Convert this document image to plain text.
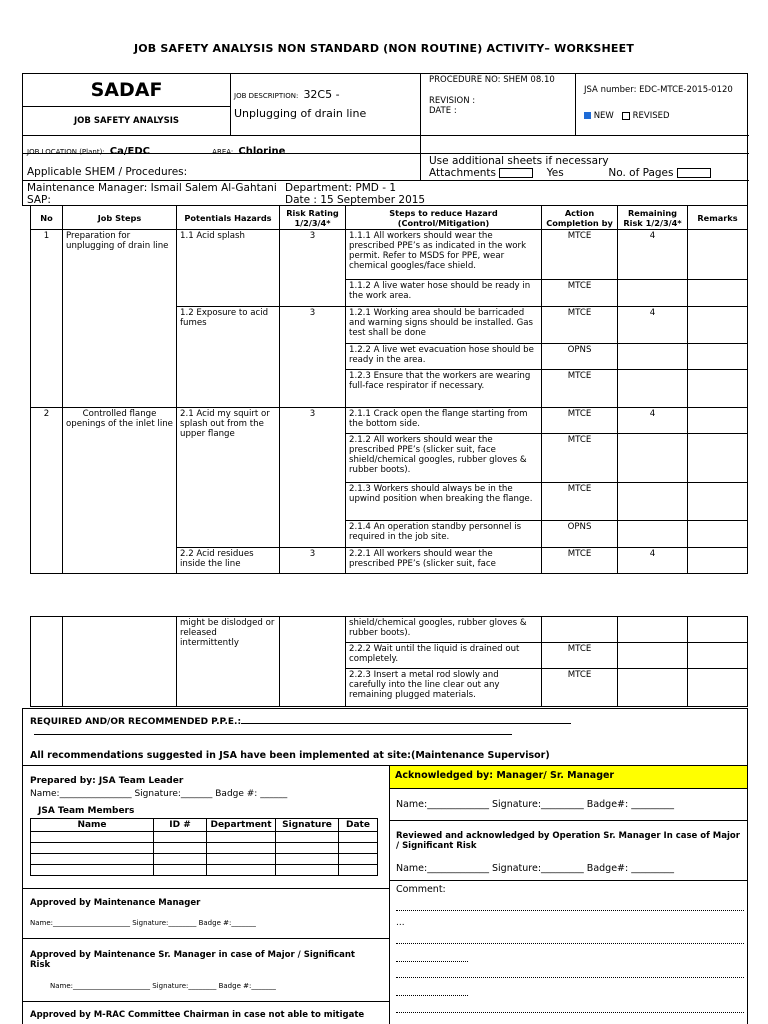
JOB SAFETY ANALYSIS NON STANDARD (NON ROUTINE) ACTIVITY– WORKSHEET
SADAF
JOB SAFETY ANALYSIS
JOB DESCRIPTION: 32C5 -
Unplugging of drain line
PROCEDURE NO: SHEM 08.10
REVISION :
DATE :
JSA number: EDC-MTCE-2015-0120
NEW REVISED
JOB LOCATION (Plant): Ca/EDC	AREA: Chlorine
Applicable SHEM / Procedures:
Use additional sheets if necessary
Attachments	Yes	No. of Pages
Maintenance Manager: Ismail Salem Al-Gahtani
SAP:
Department: PMD - 1
Date : 15 September 2015
No	Job Steps	Potentials Hazards	Risk Rating 1/2/3/4*	Steps to reduce Hazard (Control/Mitigation)	Action Completion by	Remaining Risk 1/2/3/4*	Remarks
1	Preparation for unplugging of drain line	1.1 Acid splash	3	1.1.1 All workers should wear the prescribed PPE’s as indicated in the work permit. Refer to MSDS for PPE, wear chemical googles/face shield.	MTCE	4	
				1.1.2 A live water hose should be ready in the work area.	MTCE		
		1.2 Exposure to acid fumes	3	1.2.1 Working area should be barricaded and warning signs should be installed. Gas test shall be done	MTCE	4	
				1.2.2 A live wet evacuation hose should be ready in the area.	OPNS		
				1.2.3 Ensure that the workers are wearing full-face respirator if necessary.	MTCE		
2	Controlled flange openings of the inlet line	2.1 Acid my squirt or splash out from the upper flange	3	2.1.1 Crack open the flange starting from the bottom side.	MTCE	4	
				2.1.2 All workers should wear the prescribed PPE’s (slicker suit, face shield/chemical googles, rubber gloves & rubber boots).	MTCE		
				2.1.3 Workers should always be in the upwind position when breaking the flange.	MTCE		
				2.1.4 An operation standby personnel is required in the job site.	OPNS		
		2.2 Acid residues inside the line	3	2.2.1 All workers should wear the prescribed PPE’s (slicker suit, face	MTCE	4	
		might be dislodged or released intermittently		shield/chemical googles, rubber gloves & rubber boots).			
				2.2.2 Wait until the liquid is drained out completely.	MTCE		
				2.2.3 Insert a metal rod slowly and carefully into the line clear out any remaining plugged materials.	MTCE		
REQUIRED AND/OR RECOMMENDED P.P.E.:
All recommendations suggested in JSA have been implemented at site:(Maintenance Supervisor)
Prepared by: JSA Team Leader
Name:________________ Signature:_______ Badge #: ______
JSA Team Members
Name	ID #	Department	Signature	Date

Approved by Maintenance Manager
Name:______________________ Signature:________ Badge #:_______
Approved by Maintenance Sr. Manager in case of Major / Significant Risk
Name:______________________ Signature:________ Badge #:_______
Approved by M-RAC Committee Chairman in case not able to mitigate
Acknowledged by: Manager/ Sr. Manager
Name:_____________ Signature:_________ Badge#: _________
Reviewed and acknowledged by Operation Sr. Manager In case of Major / Significant Risk
Name:_____________ Signature:_________ Badge#: _________
Comment:
...
